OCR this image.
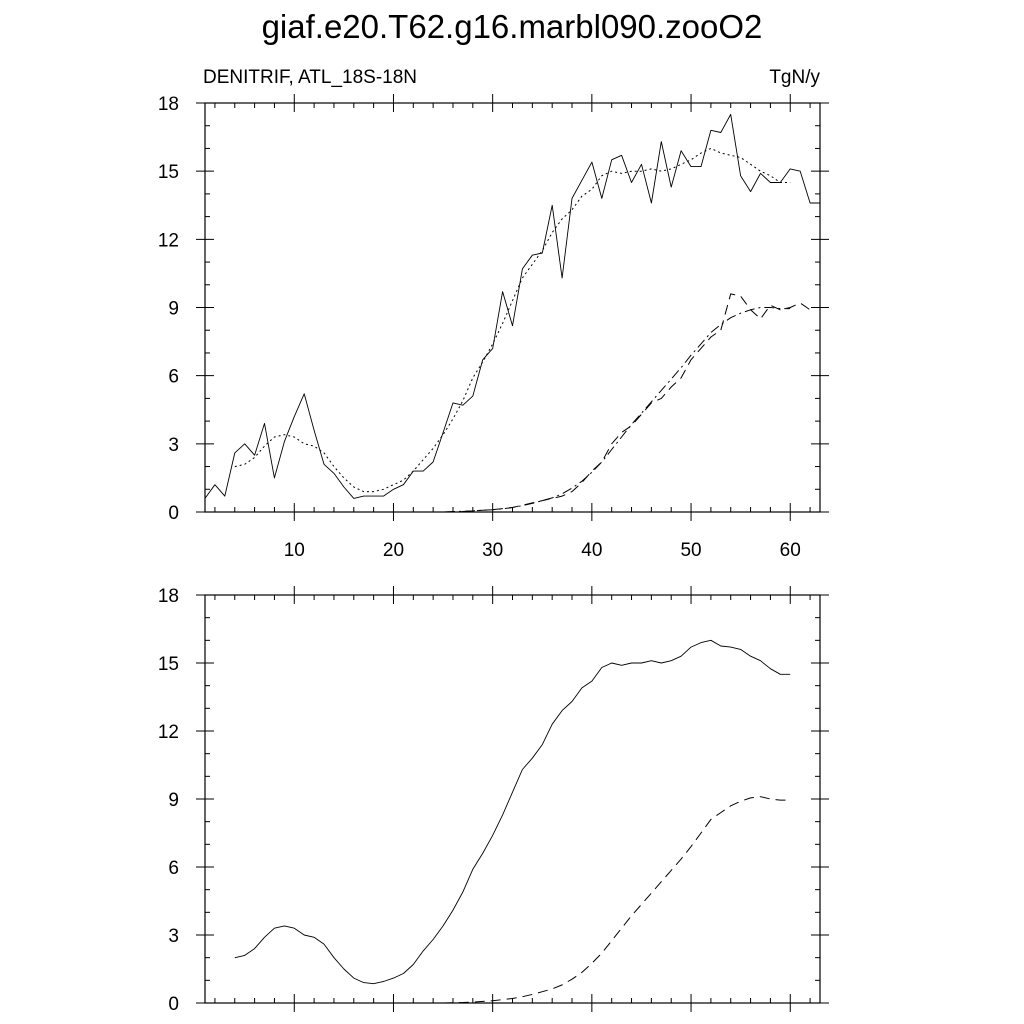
giaf.e20.T62.g16.marbl090.zooO2
DENITRIF, ATL_18S-18N	TgN/y
10	20	30	40	50	60
0
3
6
9
12
15
18
0
3
6
9
12
15
18
